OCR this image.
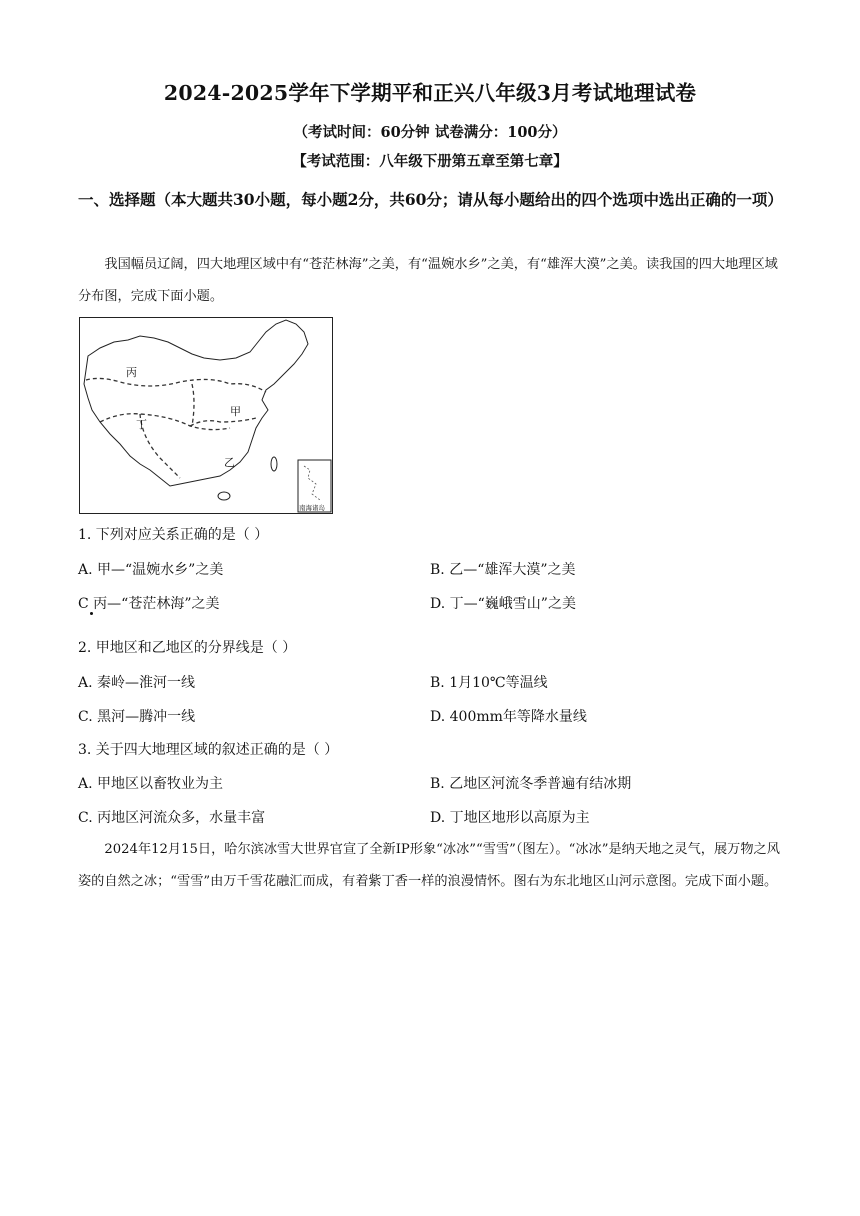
2024-2025学年下学期平和正兴八年级3月考试地理试卷
（考试时间：60分钟 试卷满分：100分）
【考试范围：八年级下册第五章至第七章】
一、选择题（本大题共30小题，每小题2分，共60分；请从每小题给出的四个选项中选出正确的一项）
我国幅员辽阔，四大地理区域中有“苍茫林海”之美，有“温婉水乡”之美，有“雄浑大漠”之美。读我国的四大地理区域分布图，完成下面小题。
丙
甲
丁
乙
南海诸岛
1. 下列对应关系正确的是（ ）
A. 甲—“温婉水乡”之美	B. 乙—“雄浑大漠”之美
C 丙—“苍茫林海”之美	D. 丁—“巍峨雪山”之美
2. 甲地区和乙地区的分界线是（ ）
A. 秦岭—淮河一线	B. 1月10℃等温线
C. 黑河—腾冲一线	D. 400mm年等降水量线
3. 关于四大地理区域的叙述正确的是（ ）
A. 甲地区以畜牧业为主	B. 乙地区河流冬季普遍有结冰期
C. 丙地区河流众多，水量丰富	D. 丁地区地形以高原为主
2024年12月15日，哈尔滨冰雪大世界官宣了全新IP形象“冰冰”“雪雪”（图左）。“冰冰”是纳天地之灵气，展万物之风姿的自然之冰；“雪雪”由万千雪花融汇而成，有着紫丁香一样的浪漫情怀。图右为东北地区山河示意图。完成下面小题。
